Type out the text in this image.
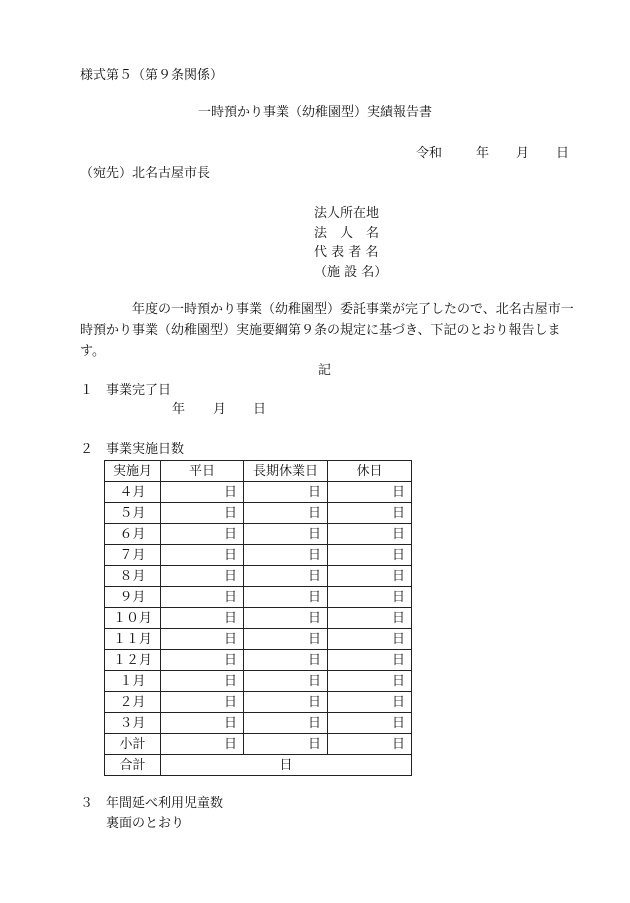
様式第５（第９条関係）
一時預かり事業（幼稚園型）実績報告書
令和	年 月 日
（宛先）北名古屋市長
法人所在地
法　人　名
代 表 者 名
（施 設 名）
年度の一時預かり事業（幼稚園型）委託事業が完了したので、北名古屋市一時預かり事業（幼稚園型）実施要綱第９条の規定に基づき、下記のとおり報告します。
記
１ 事業完了日
年 月 日
２ 事業実施日数
実施月	平日	長期休業日	休日
４月	日	日	日
５月	日	日	日
６月	日	日	日
７月	日	日	日
８月	日	日	日
９月	日	日	日
１０月	日	日	日
１１月	日	日	日
１２月	日	日	日
１月	日	日	日
２月	日	日	日
３月	日	日	日
小計	日	日	日
合計	日		
３ 年間延べ利用児童数
裏面のとおり
